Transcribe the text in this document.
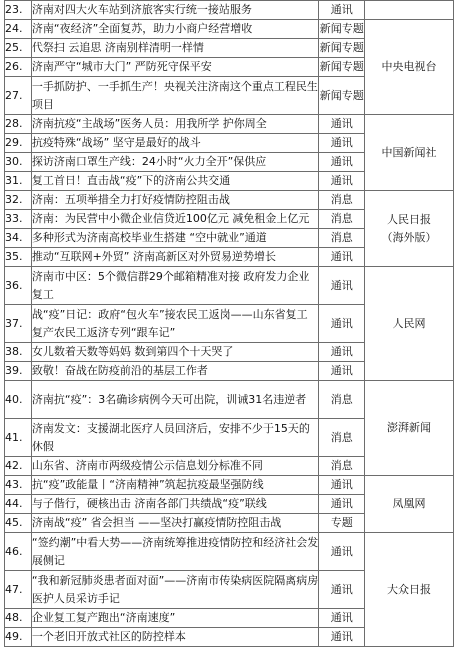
23.	济南对四大火车站到济旅客实行统一接站服务	通讯	
24.	济南“夜经济”全面复苏，助力小商户经营增收	新闻专题	中央电视台
25.	代祭扫 云追思 济南别样清明一样情	新闻专题	
26.	济南严守“城市大门” 严防死守保平安	新闻专题	
27.	一手抓防护、一手抓生产！央视关注济南这个重点工程民生项目	新闻专题	
28.	济南抗疫“主战场”医务人员：用我所学 护你周全	通讯	中国新闻社
29.	抗疫特殊“战场” 坚守是最好的战斗	通讯	
30.	探访济南口罩生产线：24小时“火力全开”保供应	通讯	
31.	复工首日！直击战“疫”下的济南公共交通	通讯	
32.	济南：五项举措全力打好疫情防控阻击战	消息	人民日报
（海外版）

33.	济南：为民营中小微企业信贷近100亿元 减免租金上亿元	消息	
34.	多种形式为济南高校毕业生搭建 “空中就业”通道	消息	
35.	推动“互联网+外贸” 济南高新区对外贸易逆势增长	通讯	
36.	济南市中区：5个微信群29个邮箱精准对接 政府发力企业复工	通讯	人民网
37.	战“疫”日记：政府“包火车”接农民工返岗——山东省复工复产农民工返济专列“跟车记”	通讯	
38.	女儿数着天数等妈妈 数到第四个十天哭了	通讯	
39.	致敬！奋战在防疫前沿的基层工作者	通讯	
40.	济南抗“疫”：3名确诊病例今天可出院，训诫31名违逆者	消息	澎湃新闻
41.	济南发文：支援湖北医疗人员回济后，安排不少于15天的休假	消息	
42.	山东省、济南市两级疫情公示信息划分标准不同	消息	
43.	抗“疫”政能量丨“济南精神”筑起抗疫最坚强防线	通讯	凤凰网
44.	与子偕行，硬核出击 济南各部门共绩战“疫”联线	通讯	
45.	济南战“疫” 省会担当 ——坚决打赢疫情防控阻击战	专题	
46.	“签约潮”中看大势——济南统筹推进疫情防控和经济社会发展侧记	通讯	大众日报
47.	“我和新冠肺炎患者面对面”——济南市传染病医院隔离病房医护人员采访手记	通讯	
48.	企业复工复产跑出“济南速度”	通讯	
49.	一个老旧开放式社区的防控样本	通讯	
